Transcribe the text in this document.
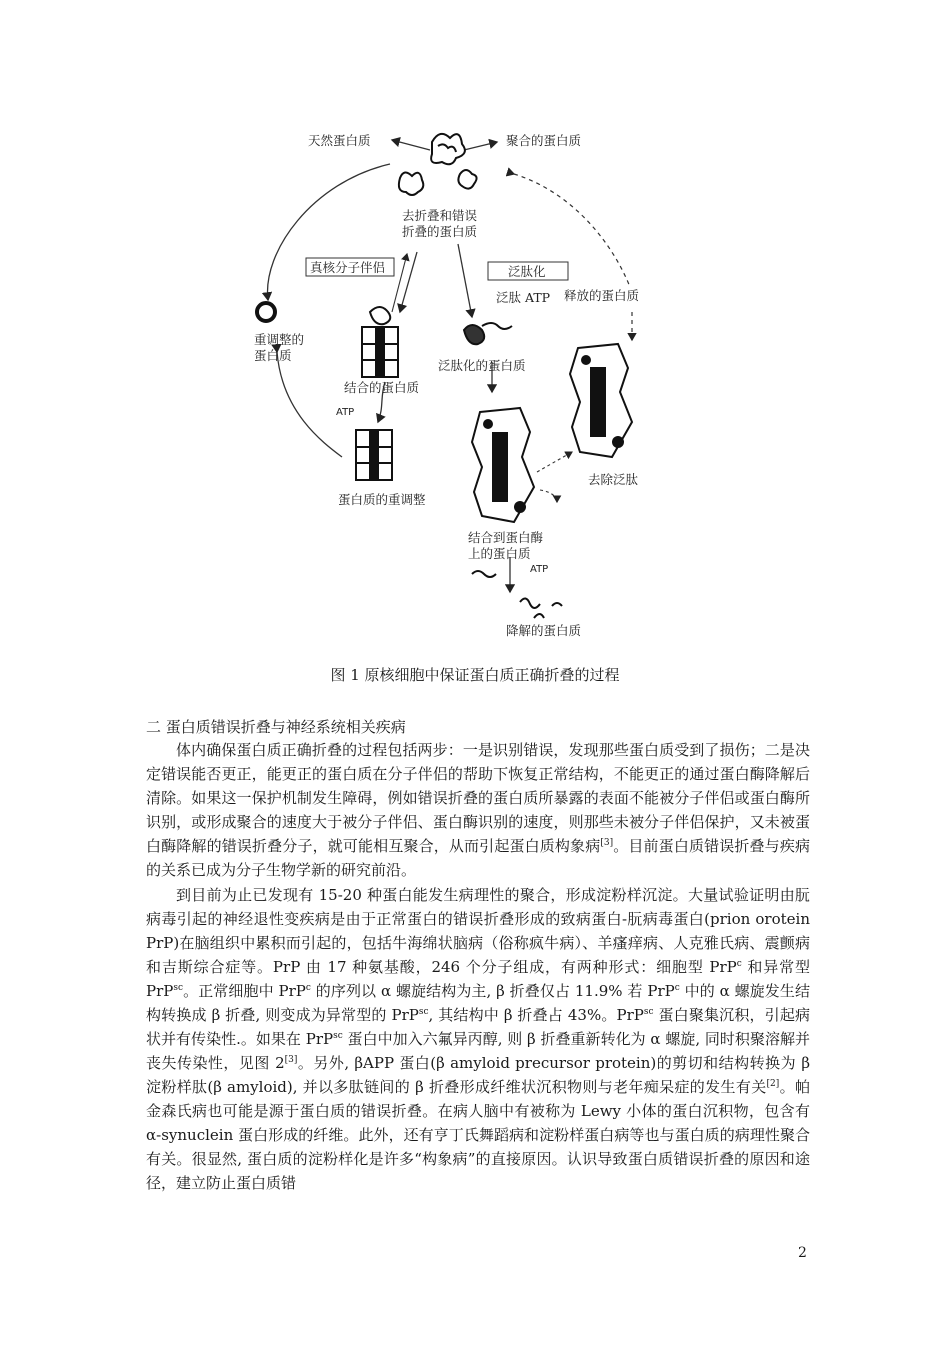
天然蛋白质	聚合的蛋白质
去折叠和错误
折叠的蛋白质
真核分子伴侣	泛肽化
泛肽 ATP 释放的蛋白质
重调整的
蛋白质
结合的蛋白质
泛肽化的蛋白质
ATP
去除泛肽
蛋白质的重调整
结合到蛋白酶
上的蛋白质
ATP
降解的蛋白质
图 1 原核细胞中保证蛋白质正确折叠的过程
二 蛋白质错误折叠与神经系统相关疾病

体内确保蛋白质正确折叠的过程包括两步：一是识别错误，发现那些蛋白质受到了损伤；二是决定错误能否更正，能更正的蛋白质在分子伴侣的帮助下恢复正常结构，不能更正的通过蛋白酶降解后清除。如果这一保护机制发生障碍，例如错误折叠的蛋白质所暴露的表面不能被分子伴侣或蛋白酶所识别，或形成聚合的速度大于被分子伴侣、蛋白酶识别的速度，则那些未被分子伴侣保护，又未被蛋白酶降解的错误折叠分子，就可能相互聚合，从而引起蛋白质构象病[3]。目前蛋白质错误折叠与疾病的关系已成为分子生物学新的研究前沿。

到目前为止已发现有 15-20 种蛋白能发生病理性的聚合，形成淀粉样沉淀。大量试验证明由朊病毒引起的神经退性变疾病是由于正常蛋白的错误折叠形成的致病蛋白-朊病毒蛋白(prion orotein PrP)在脑组织中累积而引起的，包括牛海绵状脑病（俗称疯牛病）、羊瘙痒病、人克雅氏病、震颤病和吉斯综合症等。PrP 由 17 种氨基酸，246 个分子组成，有两种形式：细胞型 PrP$^c$ 和异常型 PrP$^{sc}$。正常细胞中 PrP$^c$ 的序列以 α 螺旋结构为主, β 折叠仅占 11.9% 若 PrP$^c$ 中的 α 螺旋发生结构转换成 β 折叠, 则变成为异常型的 PrP$^{sc}$, 其结构中 β 折叠占 43%。PrP$^{sc}$ 蛋白聚集沉积，引起病状并有传染性.。如果在 PrP$^{sc}$ 蛋白中加入六氟异丙醇, 则 β 折叠重新转化为 α 螺旋, 同时积聚溶解并丧失传染性，见图 2[3]。另外, βAPP 蛋白(β amyloid precursor protein)的剪切和结构转换为 β 淀粉样肽(β amyloid), 并以多肽链间的 β 折叠形成纤维状沉积物则与老年痴呆症的发生有关[2]。帕金森氏病也可能是源于蛋白质的错误折叠。在病人脑中有被称为 Lewy 小体的蛋白沉积物，包含有 α-synuclein 蛋白形成的纤维。此外，还有亨丁氏舞蹈病和淀粉样蛋白病等也与蛋白质的病理性聚合有关。很显然, 蛋白质的淀粉样化是许多“构象病”的直接原因。认识导致蛋白质错误折叠的原因和途径，建立防止蛋白质错

2
